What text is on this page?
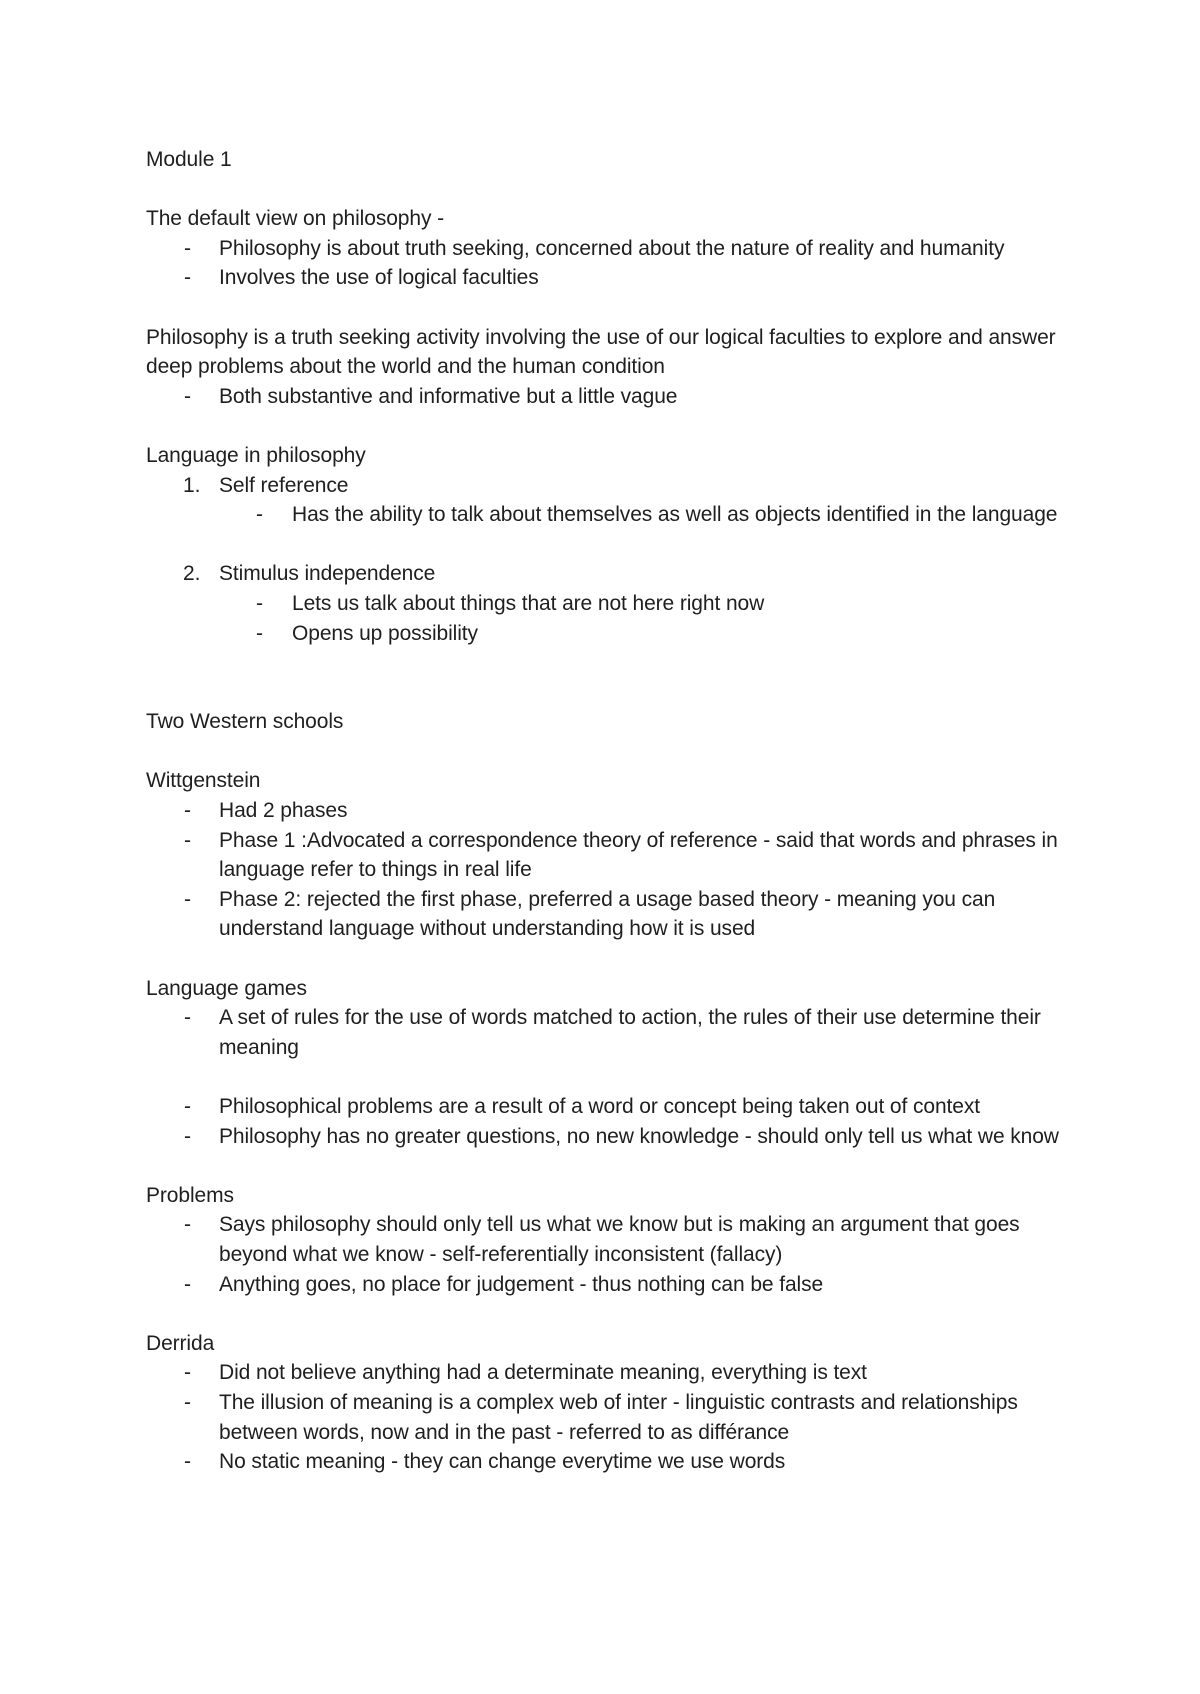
Module 1

The default view on philosophy -

- Philosophy is about truth seeking, concerned about the nature of reality and humanity
- Involves the use of logical faculties

Philosophy is a truth seeking activity involving the use of our logical faculties to explore and answer deep problems about the world and the human condition

- Both substantive and informative but a little vague

Language in philosophy

1. Self reference
- Has the ability to talk about themselves as well as objects identified in the language
2. Stimulus independence
- Lets us talk about things that are not here right now
- Opens up possibility

Two Western schools

Wittgenstein

- Had 2 phases
- Phase 1 :Advocated a correspondence theory of reference - said that words and phrases in language refer to things in real life
- Phase 2: rejected the first phase, preferred a usage based theory - meaning you can understand language without understanding how it is used

Language games

- A set of rules for the use of words matched to action, the rules of their use determine their meaning
- Philosophical problems are a result of a word or concept being taken out of context
- Philosophy has no greater questions, no new knowledge - should only tell us what we know

Problems

- Says philosophy should only tell us what we know but is making an argument that goes beyond what we know - self-referentially inconsistent (fallacy)
- Anything goes, no place for judgement - thus nothing can be false

Derrida

- Did not believe anything had a determinate meaning, everything is text
- The illusion of meaning is a complex web of inter - linguistic contrasts and relationships between words, now and in the past - referred to as différance
- No static meaning - they can change everytime we use words
